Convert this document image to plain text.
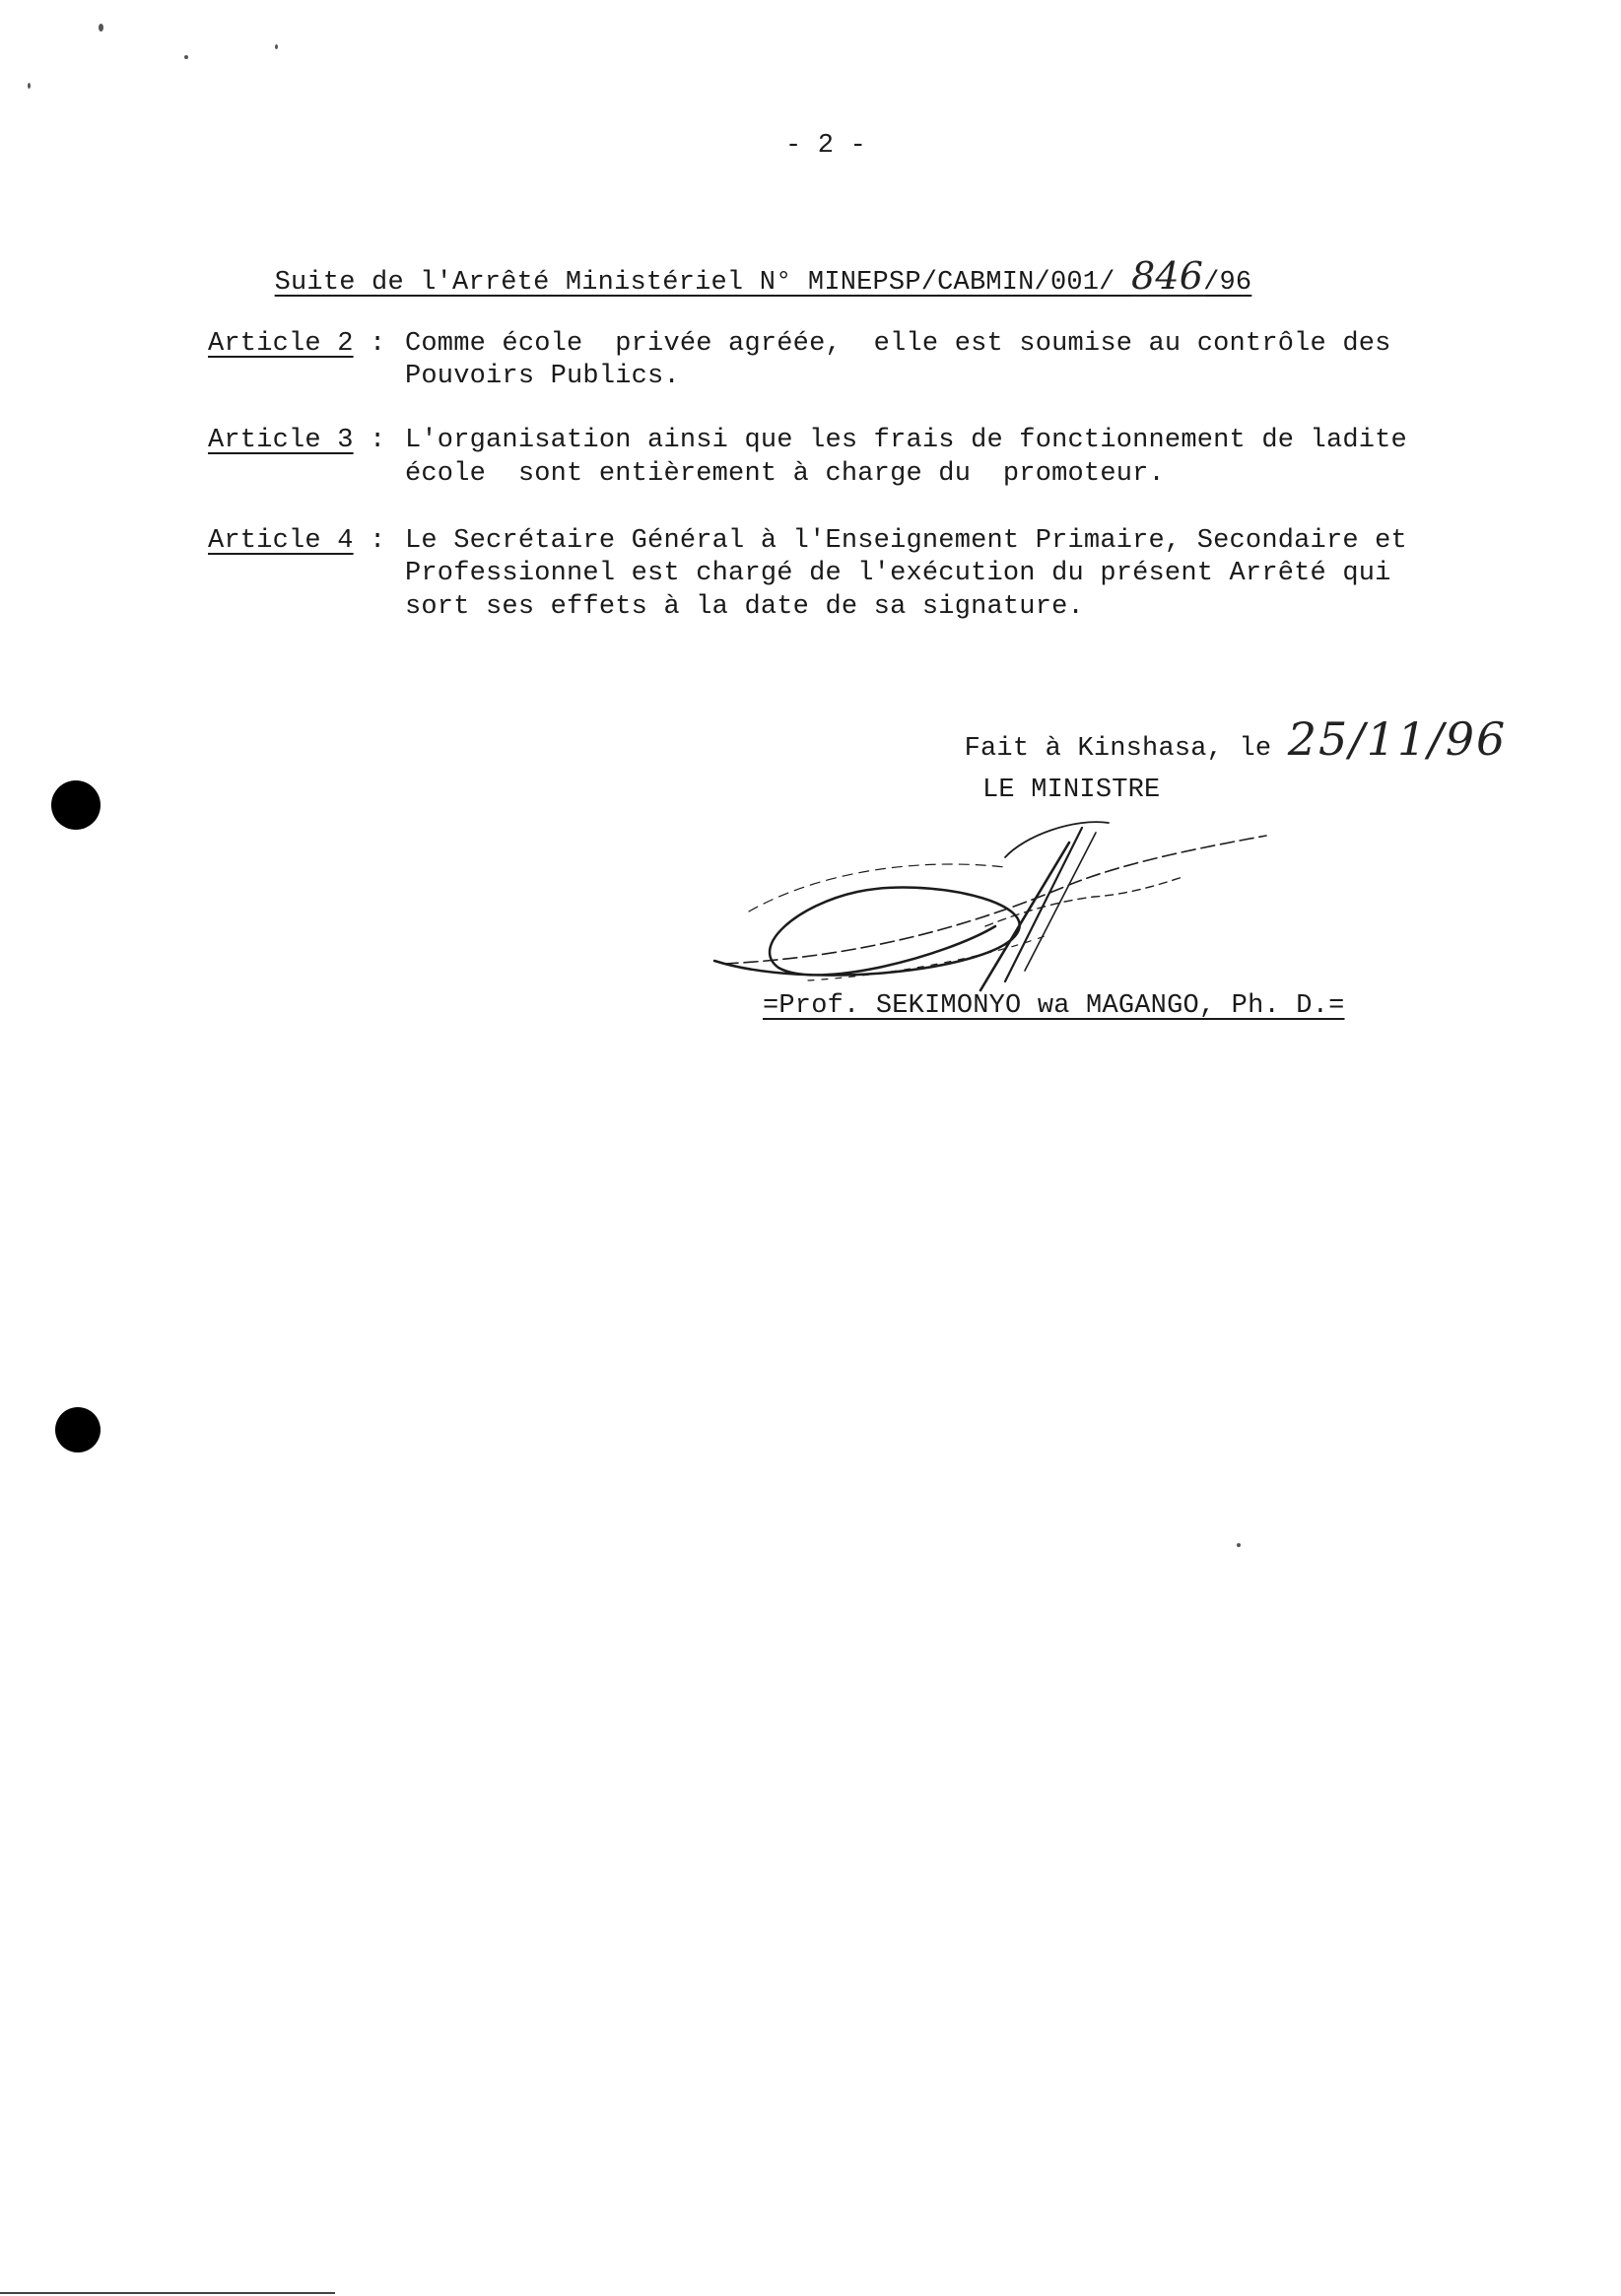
- 2 -

Suite de l'Arrêté Ministériel N° MINEPSP/CABMIN/001/ 846/96

Article 2 : Comme école  privée agréée,  elle est soumise au contrôle des
Pouvoirs Publics.
Article 3 : L'organisation ainsi que les frais de fonctionnement de ladite
école  sont entièrement à charge du  promoteur.
Article 4 : Le Secrétaire Général à l'Enseignement Primaire, Secondaire et
Professionnel est chargé de l'exécution du présent Arrêté qui
sort ses effets à la date de sa signature.

Fait à Kinshasa, le 25/11/96

LE MINISTRE
=Prof. SEKIMONYO wa MAGANGO, Ph. D.=
